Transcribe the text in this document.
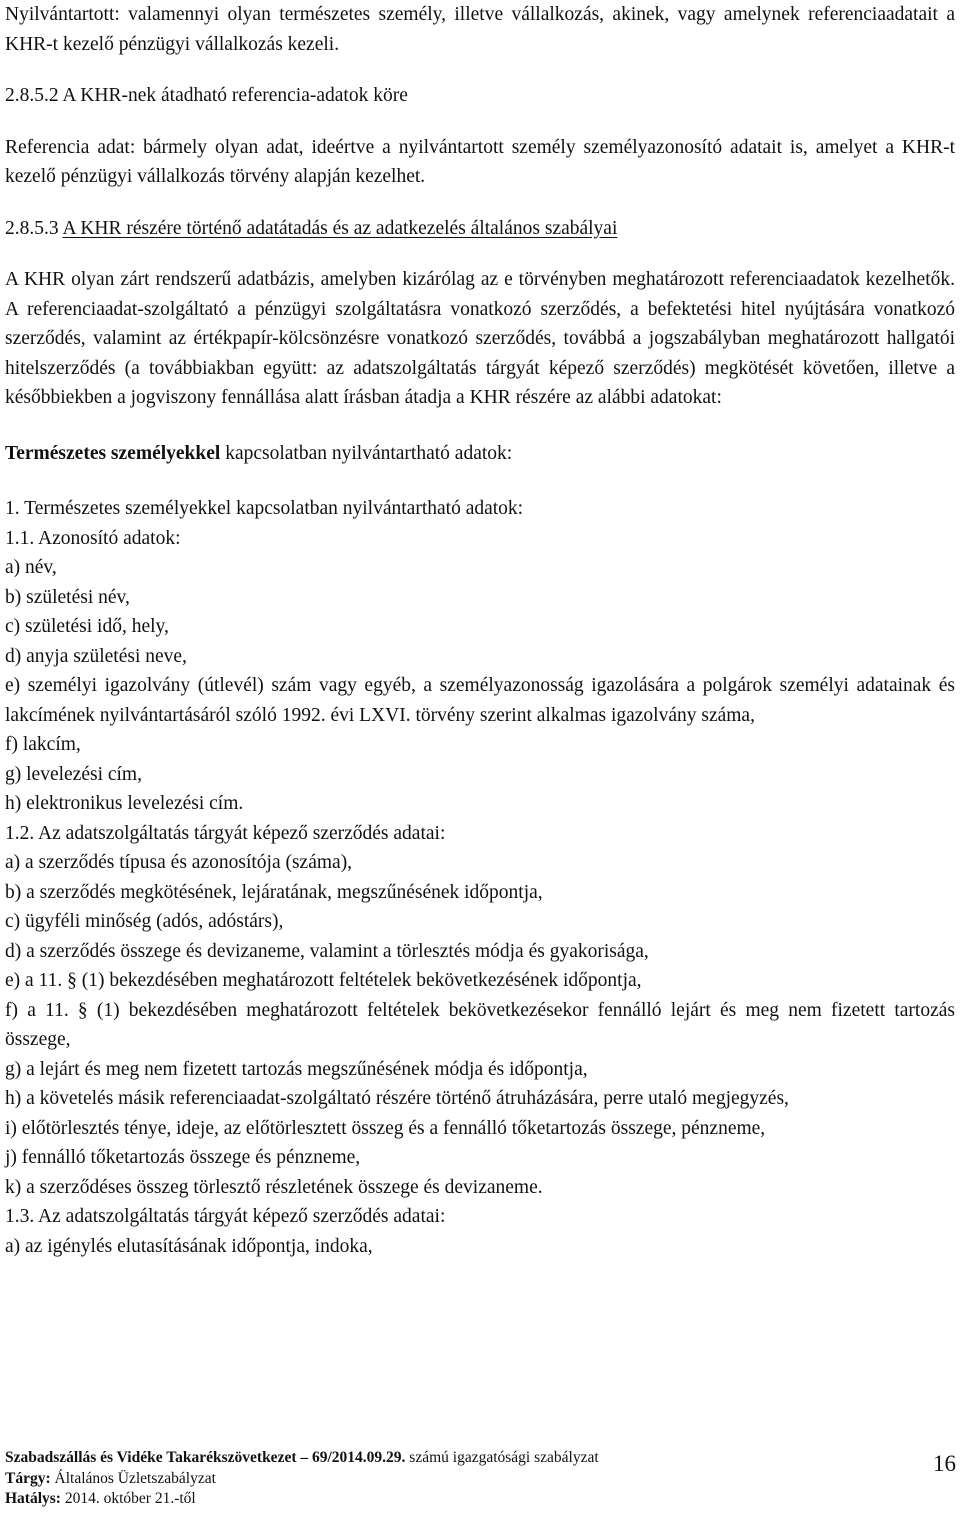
Nyilvántartott: valamennyi olyan természetes személy, illetve vállalkozás, akinek, vagy amelynek referenciaadatait a KHR-t kezelő pénzügyi vállalkozás kezeli.

2.8.5.2 A KHR-nek átadható referencia-adatok köre

Referencia adat: bármely olyan adat, ideértve a nyilvántartott személy személyazonosító adatait is, amelyet a KHR-t kezelő pénzügyi vállalkozás törvény alapján kezelhet.

2.8.5.3 A KHR részére történő adatátadás és az adatkezelés általános szabályai

A KHR olyan zárt rendszerű adatbázis, amelyben kizárólag az e törvényben meghatározott referenciaadatok kezelhetők. A referenciaadat-szolgáltató a pénzügyi szolgáltatásra vonatkozó szerződés, a befektetési hitel nyújtására vonatkozó szerződés, valamint az értékpapír-kölcsönzésre vonatkozó szerződés, továbbá a jogszabályban meghatározott hallgatói hitelszerződés (a továbbiakban együtt: az adatszolgáltatás tárgyát képező szerződés) megkötését követően, illetve a későbbiekben a jogviszony fennállása alatt írásban átadja a KHR részére az alábbi adatokat:

Természetes személyekkel kapcsolatban nyilvántartható adatok:

1. Természetes személyekkel kapcsolatban nyilvántartható adatok:

1.1. Azonosító adatok:

a) név,

b) születési név,

c) születési idő, hely,

d) anyja születési neve,

e) személyi igazolvány (útlevél) szám vagy egyéb, a személyazonosság igazolására a polgárok személyi adatainak és lakcímének nyilvántartásáról szóló 1992. évi LXVI. törvény szerint alkalmas igazolvány száma,

f) lakcím,

g) levelezési cím,

h) elektronikus levelezési cím.

1.2. Az adatszolgáltatás tárgyát képező szerződés adatai:

a) a szerződés típusa és azonosítója (száma),

b) a szerződés megkötésének, lejáratának, megszűnésének időpontja,

c) ügyféli minőség (adós, adóstárs),

d) a szerződés összege és devizaneme, valamint a törlesztés módja és gyakorisága,

e) a 11. § (1) bekezdésében meghatározott feltételek bekövetkezésének időpontja,

f) a 11. § (1) bekezdésében meghatározott feltételek bekövetkezésekor fennálló lejárt és meg nem fizetett tartozás összege,

g) a lejárt és meg nem fizetett tartozás megszűnésének módja és időpontja,

h) a követelés másik referenciaadat-szolgáltató részére történő átruházására, perre utaló megjegyzés,

i) előtörlesztés ténye, ideje, az előtörlesztett összeg és a fennálló tőketartozás összege, pénzneme,

j) fennálló tőketartozás összege és pénzneme,

k) a szerződéses összeg törlesztő részletének összege és devizaneme.

1.3. Az adatszolgáltatás tárgyát képező szerződés adatai:

a) az igénylés elutasításának időpontja, indoka,

Szabadszállás és Vidéke Takarékszövetkezet – 69/2014.09.29. számú igazgatósági szabályzat
Tárgy: Általános Üzletszabályzat
Hatálys: 2014. október 21.-től
16
